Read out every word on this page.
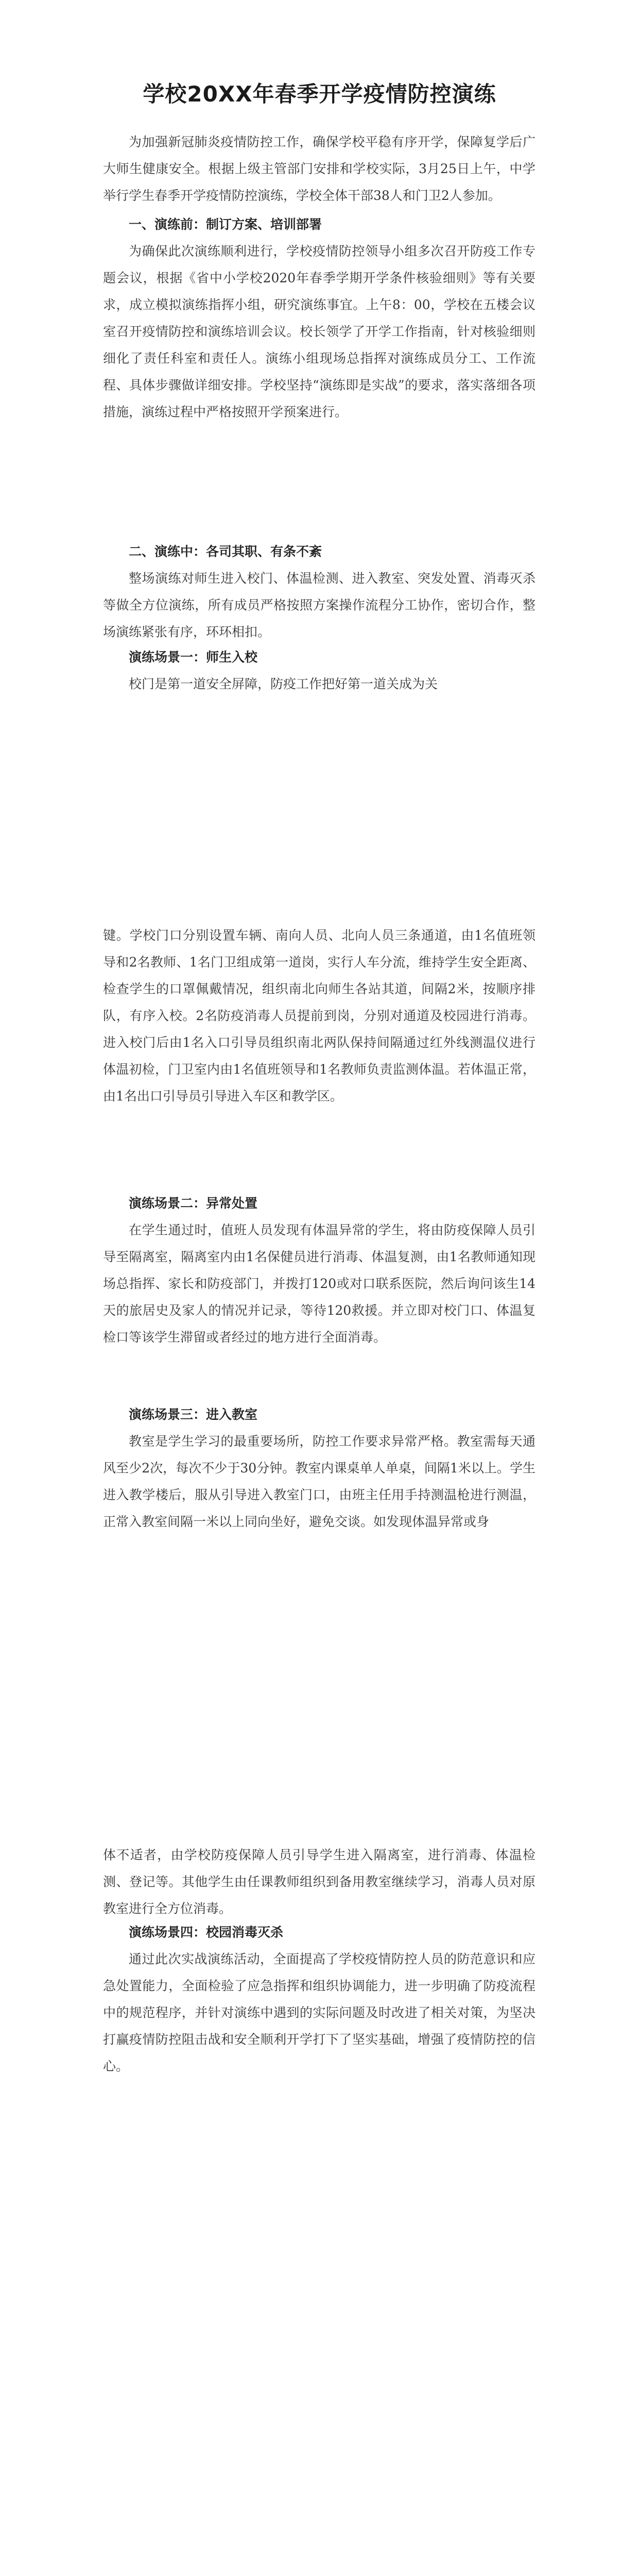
学校20XX年春季开学疫情防控演练

为加强新冠肺炎疫情防控工作，确保学校平稳有序开学，保障复学后广大师生健康安全。根据上级主管部门安排和学校实际，3月25日上午，中学举行学生春季开学疫情防控演练，学校全体干部38人和门卫2人参加。

一、演练前：制订方案、培训部署

为确保此次演练顺利进行，学校疫情防控领导小组多次召开防疫工作专题会议，根据《省中小学校2020年春季学期开学条件核验细则》等有关要求，成立模拟演练指挥小组，研究演练事宜。上午8：00，学校在五楼会议室召开疫情防控和演练培训会议。校长领学了开学工作指南，针对核验细则细化了责任科室和责任人。演练小组现场总指挥对演练成员分工、工作流程、具体步骤做详细安排。学校坚持“演练即是实战”的要求，落实落细各项措施，演练过程中严格按照开学预案进行。

二、演练中：各司其职、有条不紊

整场演练对师生进入校门、体温检测、进入教室、突发处置、消毒灭杀等做全方位演练，所有成员严格按照方案操作流程分工协作，密切合作，整场演练紧张有序，环环相扣。

演练场景一：师生入校

校门是第一道安全屏障，防疫工作把好第一道关成为关

键。学校门口分别设置车辆、南向人员、北向人员三条通道，由1名值班领导和2名教师、1名门卫组成第一道岗，实行人车分流，维持学生安全距离、检查学生的口罩佩戴情况，组织南北向师生各站其道，间隔2米，按顺序排队，有序入校。2名防疫消毒人员提前到岗，分别对通道及校园进行消毒。进入校门后由1名入口引导员组织南北两队保持间隔通过红外线测温仪进行体温初检，门卫室内由1名值班领导和1名教师负责监测体温。若体温正常，由1名出口引导员引导进入车区和教学区。

演练场景二：异常处置

在学生通过时，值班人员发现有体温异常的学生，将由防疫保障人员引导至隔离室，隔离室内由1名保健员进行消毒、体温复测，由1名教师通知现场总指挥、家长和防疫部门，并拨打120或对口联系医院，然后询问该生14天的旅居史及家人的情况并记录，等待120救援。并立即对校门口、体温复检口等该学生滞留或者经过的地方进行全面消毒。

演练场景三：进入教室

教室是学生学习的最重要场所，防控工作要求异常严格。教室需每天通风至少2次，每次不少于30分钟。教室内课桌单人单桌，间隔1米以上。学生进入教学楼后，服从引导进入教室门口，由班主任用手持测温枪进行测温，正常入教室间隔一米以上同向坐好，避免交谈。如发现体温异常或身

体不适者，由学校防疫保障人员引导学生进入隔离室，进行消毒、体温检测、登记等。其他学生由任课教师组织到备用教室继续学习，消毒人员对原教室进行全方位消毒。

演练场景四：校园消毒灭杀

通过此次实战演练活动，全面提高了学校疫情防控人员的防范意识和应急处置能力，全面检验了应急指挥和组织协调能力，进一步明确了防疫流程中的规范程序，并针对演练中遇到的实际问题及时改进了相关对策，为坚决打赢疫情防控阻击战和安全顺利开学打下了坚实基础，增强了疫情防控的信心。
